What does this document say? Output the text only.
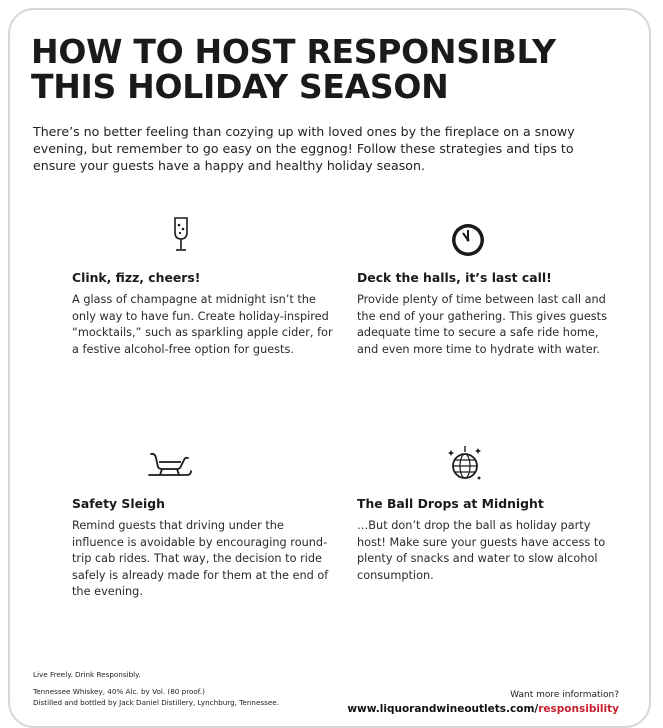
HOW TO HOST RESPONSIBLY
THIS HOLIDAY SEASON

There’s no better feeling than cozying up with loved ones by the fireplace on a snowy evening, but remember to go easy on the eggnog! Follow these strategies and tips to ensure your guests have a happy and healthy holiday season.

Clink, fizz, cheers!

A glass of champagne at midnight isn’t the only way to have fun. Create holiday-inspired “mocktails,” such as sparkling apple cider, for a festive alcohol-free option for guests.

Deck the halls, it’s last call!

Provide plenty of time between last call and the end of your gathering. This gives guests adequate time to secure a safe ride home, and even more time to hydrate with water.

Safety Sleigh

Remind guests that driving under the influence is avoidable by encouraging round-trip cab rides. That way, the decision to ride safely is already made for them at the end of the evening.

The Ball Drops at Midnight

…But don’t drop the ball as holiday party host! Make sure your guests have access to plenty of snacks and water to slow alcohol consumption.

Live Freely. Drink Responsibly.
Tennessee Whiskey, 40% Alc. by Vol. (80 proof.)
Distilled and bottled by Jack Daniel Distillery, Lynchburg, Tennessee.
Want more information?
www.liquorandwineoutlets.com/responsibility
